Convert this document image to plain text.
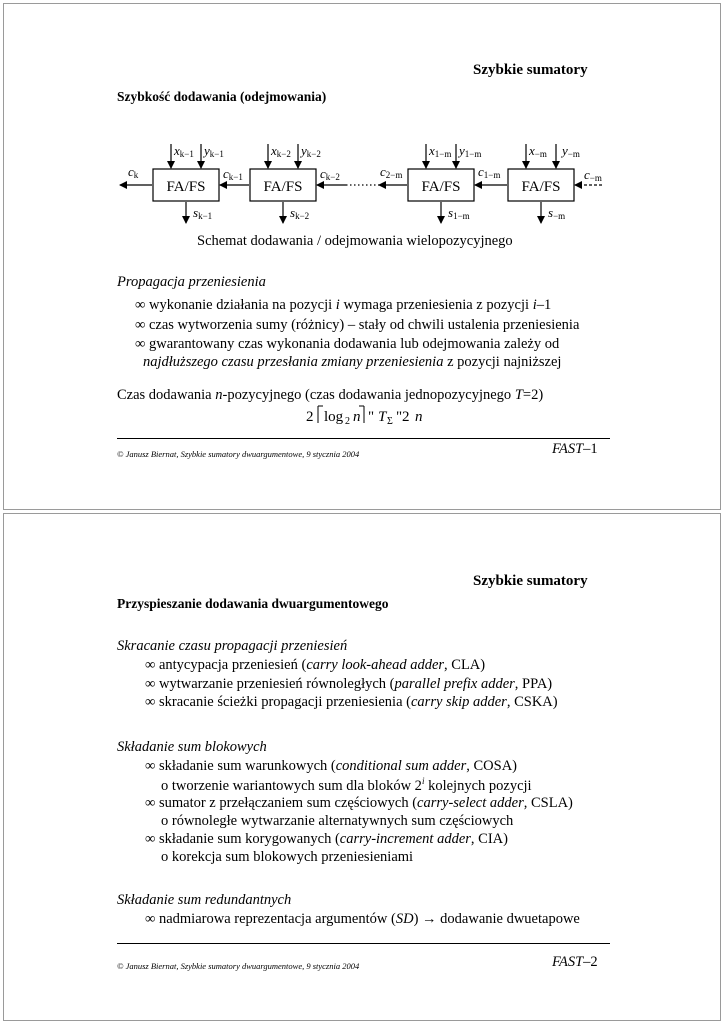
Szybkie sumatory
Szybkość dodawania (odejmowania)
FA/FS	FA/FS	FA/FS	FA/FS
xk−1 yk−1	xk−2 yk−2	x1−m y1−m	x−m y−m
ck	ck−1	ck−2	c2−m	c1−m	c−m
sk−1	sk−2	s1−m	s−m
Schemat dodawania / odejmowania wielopozycyjnego
Propagacja przeniesienia
∞ wykonanie działania na pozycji i wymaga przeniesienia z pozycji i–1
∞ czas wytworzenia sumy (różnicy) – stały od chwili ustalenia przeniesienia
∞ gwarantowany czas wykonania dodawania lub odejmowania zależy od
najdłuższego czasu przesłania zmiany przeniesienia z pozycji najniższej
Czas dodawania n-pozycyjnego (czas dodawania jednopozycyjnego T=2)
2 log 2 n " T Σ " 2 n
© Janusz Biernat, Szybkie sumatory dwuargumentowe, 9 stycznia 2004	FAST–1
Szybkie sumatory
Przyspieszanie dodawania dwuargumentowego
Skracanie czasu propagacji przeniesień
∞ antycypacja przeniesień (carry look-ahead adder, CLA)
∞ wytwarzanie przeniesień równoległych (parallel prefix adder, PPA)
∞ skracanie ścieżki propagacji przeniesienia (carry skip adder, CSKA)
Składanie sum blokowych
∞ składanie sum warunkowych (conditional sum adder, COSA)
o tworzenie wariantowych sum dla bloków 2$^i$ kolejnych pozycji
∞ sumator z przełączaniem sum częściowych (carry-select adder, CSLA)
o równoległe wytwarzanie alternatywnych sum częściowych
∞ składanie sum korygowanych (carry-increment adder, CIA)
o korekcja sum blokowych przeniesieniami
Składanie sum redundantnych
∞ nadmiarowa reprezentacja argumentów (SD) → dodawanie dwuetapowe
© Janusz Biernat, Szybkie sumatory dwuargumentowe, 9 stycznia 2004	FAST–2
